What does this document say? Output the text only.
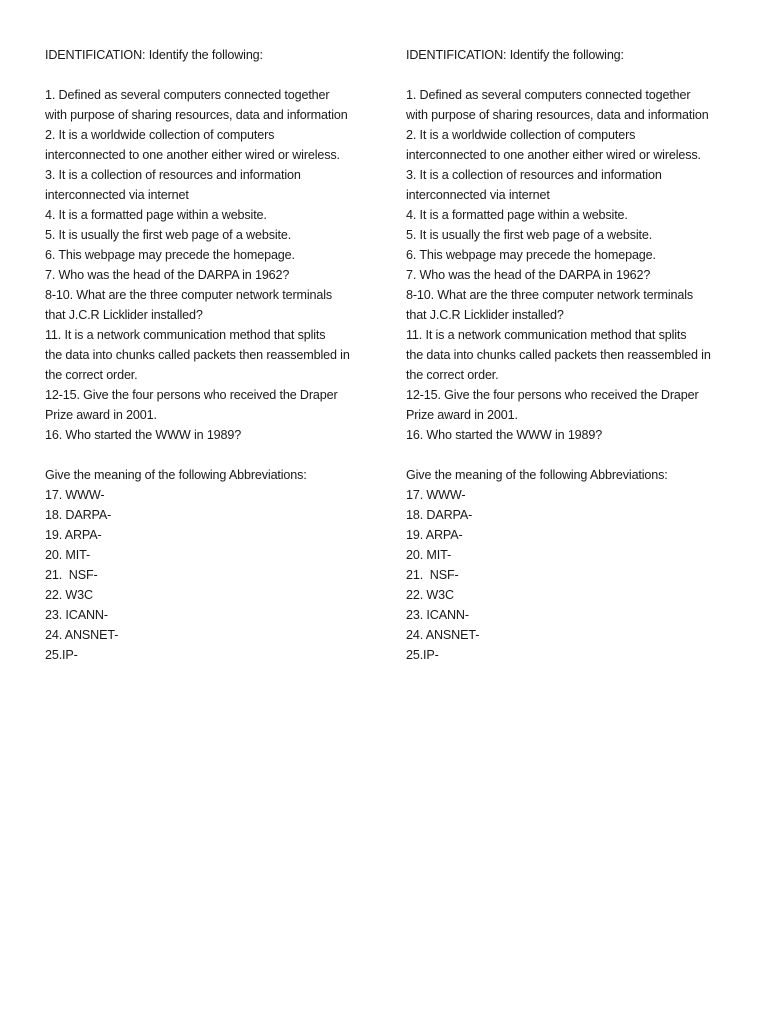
IDENTIFICATION: Identify the following:
1. Defined as several computers connected together
with purpose of sharing resources, data and information
2. It is a worldwide collection of computers
interconnected to one another either wired or wireless.
3. It is a collection of resources and information
interconnected via internet
4. It is a formatted page within a website.
5. It is usually the first web page of a website.
6. This webpage may precede the homepage.
7. Who was the head of the DARPA in 1962?
8-10. What are the three computer network terminals
that J.C.R Licklider installed?
11. It is a network communication method that splits
the data into chunks called packets then reassembled in
the correct order.
12-15. Give the four persons who received the Draper
Prize award in 2001.
16. Who started the WWW in 1989?
Give the meaning of the following Abbreviations:
17. WWW-
18. DARPA-
19. ARPA-
20. MIT-
21.  NSF-
22. W3C
23. ICANN-
24. ANSNET-
25.IP-
IDENTIFICATION: Identify the following:
1. Defined as several computers connected together
with purpose of sharing resources, data and information
2. It is a worldwide collection of computers
interconnected to one another either wired or wireless.
3. It is a collection of resources and information
interconnected via internet
4. It is a formatted page within a website.
5. It is usually the first web page of a website.
6. This webpage may precede the homepage.
7. Who was the head of the DARPA in 1962?
8-10. What are the three computer network terminals
that J.C.R Licklider installed?
11. It is a network communication method that splits
the data into chunks called packets then reassembled in
the correct order.
12-15. Give the four persons who received the Draper
Prize award in 2001.
16. Who started the WWW in 1989?
Give the meaning of the following Abbreviations:
17. WWW-
18. DARPA-
19. ARPA-
20. MIT-
21.  NSF-
22. W3C
23. ICANN-
24. ANSNET-
25.IP-
